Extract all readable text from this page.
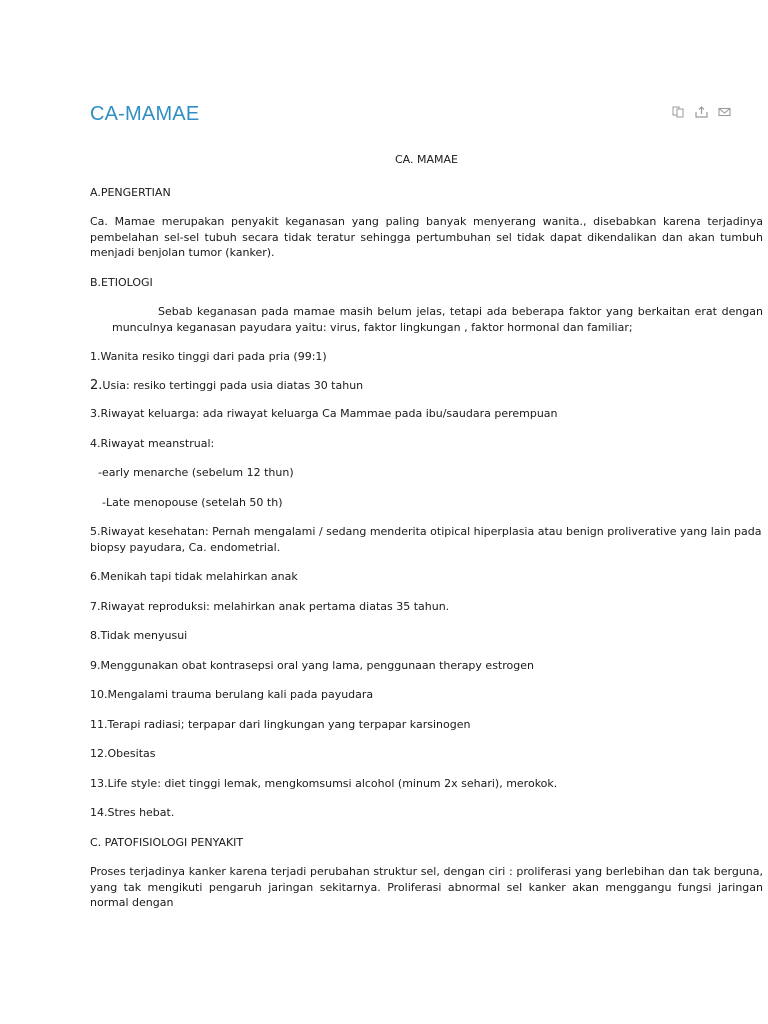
CA-MAMAE
CA. MAMAE

A.PENGERTIAN

Ca. Mamae merupakan penyakit keganasan yang paling banyak menyerang wanita., disebabkan karena terjadinya pembelahan sel-sel tubuh secara tidak teratur sehingga pertumbuhan sel tidak dapat dikendalikan dan akan tumbuh menjadi benjolan tumor (kanker).

B.ETIOLOGI

Sebab keganasan pada mamae masih belum jelas, tetapi ada beberapa faktor yang berkaitan erat dengan

munculnya keganasan payudara yaitu: virus, faktor lingkungan , faktor hormonal dan familiar;

1.Wanita resiko tinggi dari pada pria (99:1)

2.Usia: resiko tertinggi pada usia diatas 30 tahun

3.Riwayat keluarga: ada riwayat keluarga Ca Mammae pada ibu/saudara perempuan

4.Riwayat meanstrual:

-early menarche (sebelum 12 thun)

-Late menopouse (setelah 50 th)

5.Riwayat kesehatan: Pernah mengalami / sedang menderita otipical hiperplasia atau benign proliverative yang lain pada biopsy payudara, Ca. endometrial.

6.Menikah tapi tidak melahirkan anak

7.Riwayat reproduksi: melahirkan anak pertama diatas 35 tahun.

8.Tidak menyusui

9.Menggunakan obat kontrasepsi oral yang lama, penggunaan therapy estrogen

10.Mengalami trauma berulang kali pada payudara

11.Terapi radiasi; terpapar dari lingkungan yang terpapar karsinogen

12.Obesitas

13.Life style: diet tinggi lemak, mengkomsumsi alcohol (minum 2x sehari), merokok.

14.Stres hebat.

C. PATOFISIOLOGI PENYAKIT

Proses terjadinya kanker karena terjadi perubahan struktur sel, dengan ciri : proliferasi yang berlebihan dan tak berguna, yang tak mengikuti pengaruh jaringan sekitarnya. Proliferasi abnormal sel kanker akan menggangu fungsi jaringan normal dengan
